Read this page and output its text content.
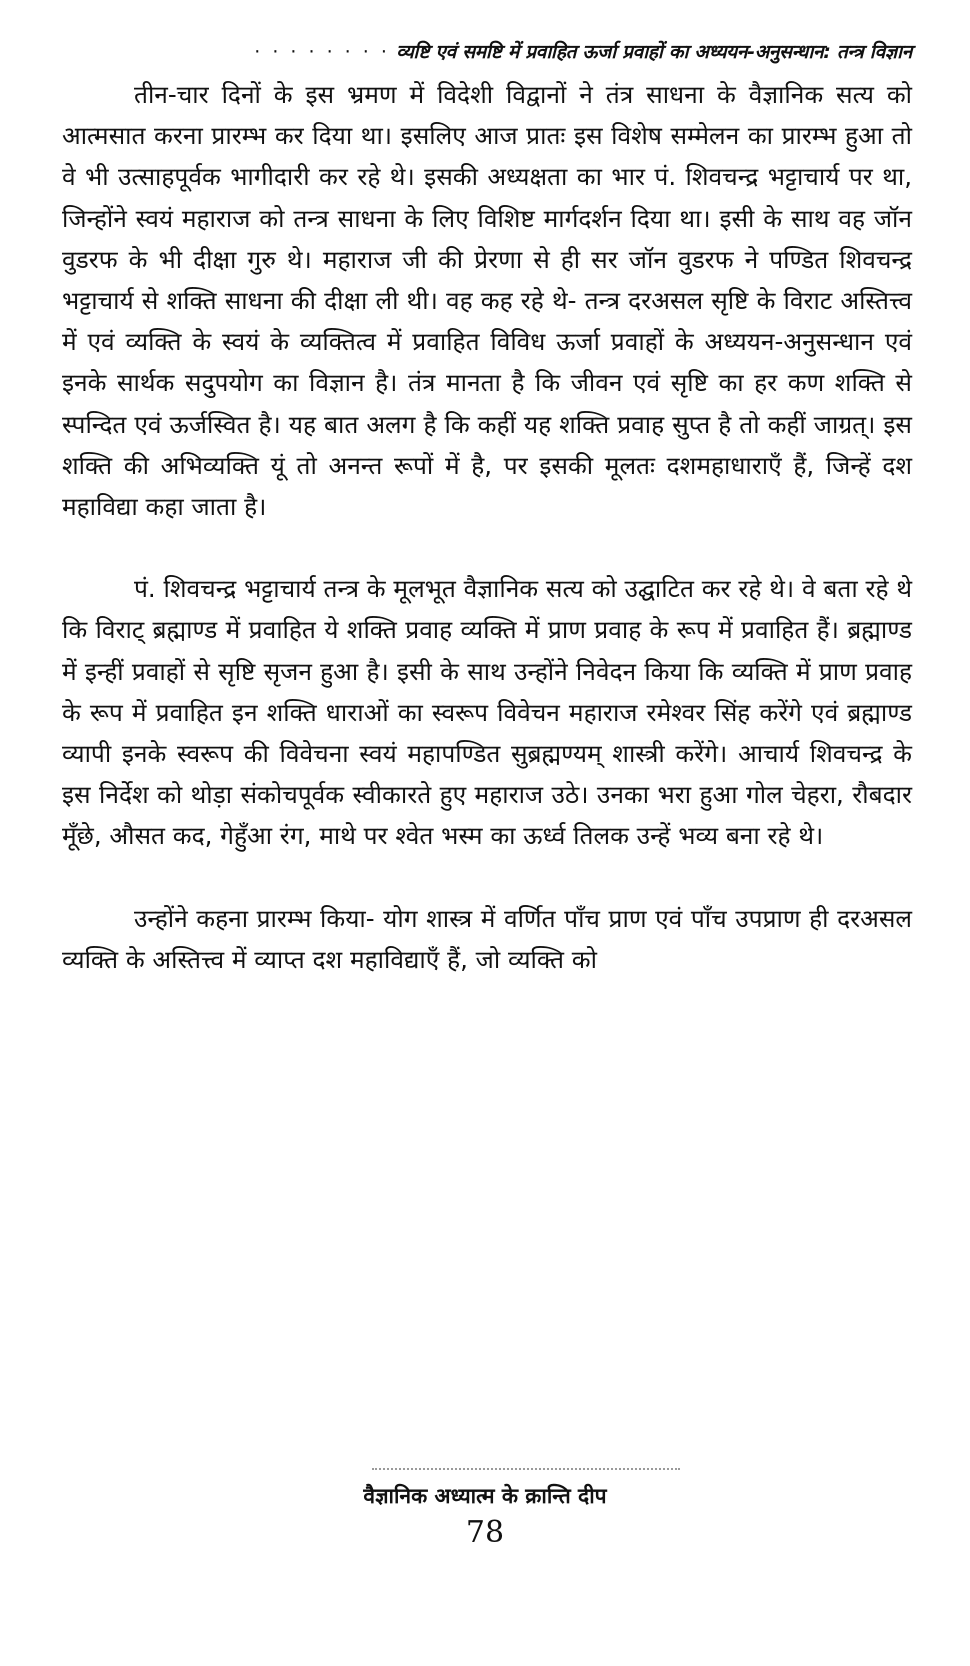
· · · · · · · · व्यष्टि एवं समष्टि में प्रवाहित ऊर्जा प्रवाहों का अध्ययन-अनुसन्धान: तन्त्र विज्ञान

तीन-चार दिनों के इस भ्रमण में विदेशी विद्वानों ने तंत्र साधना के वैज्ञानिक सत्य को आत्मसात करना प्रारम्भ कर दिया था। इसलिए आज प्रातः इस विशेष सम्मेलन का प्रारम्भ हुआ तो वे भी उत्साहपूर्वक भागीदारी कर रहे थे। इसकी अध्यक्षता का भार पं. शिवचन्द्र भट्टाचार्य पर था, जिन्होंने स्वयं महाराज को तन्त्र साधना के लिए विशिष्ट मार्गदर्शन दिया था। इसी के साथ वह जॉन वुडरफ के भी दीक्षा गुरु थे। महाराज जी की प्रेरणा से ही सर जॉन वुडरफ ने पण्डित शिवचन्द्र भट्टाचार्य से शक्ति साधना की दीक्षा ली थी। वह कह रहे थे- तन्त्र दरअसल सृष्टि के विराट अस्तित्त्व में एवं व्यक्ति के स्वयं के व्यक्तित्व में प्रवाहित विविध ऊर्जा प्रवाहों के अध्ययन-अनुसन्धान एवं इनके सार्थक सदुपयोग का विज्ञान है। तंत्र मानता है कि जीवन एवं सृष्टि का हर कण शक्ति से स्पन्दित एवं ऊर्जस्वित है। यह बात अलग है कि कहीं यह शक्ति प्रवाह सुप्त है तो कहीं जाग्रत्। इस शक्ति की अभिव्यक्ति यूं तो अनन्त रूपों में है, पर इसकी मूलतः दशमहाधाराएँ हैं, जिन्हें दश महाविद्या कहा जाता है।

पं. शिवचन्द्र भट्टाचार्य तन्त्र के मूलभूत वैज्ञानिक सत्य को उद्घाटित कर रहे थे। वे बता रहे थे कि विराट् ब्रह्माण्ड में प्रवाहित ये शक्ति प्रवाह व्यक्ति में प्राण प्रवाह के रूप में प्रवाहित हैं। ब्रह्माण्ड में इन्हीं प्रवाहों से सृष्टि सृजन हुआ है। इसी के साथ उन्होंने निवेदन किया कि व्यक्ति में प्राण प्रवाह के रूप में प्रवाहित इन शक्ति धाराओं का स्वरूप विवेचन महाराज रमेश्वर सिंह करेंगे एवं ब्रह्माण्ड व्यापी इनके स्वरूप की विवेचना स्वयं महापण्डित सुब्रह्मण्यम् शास्त्री करेंगे। आचार्य शिवचन्द्र के इस निर्देश को थोड़ा संकोचपूर्वक स्वीकारते हुए महाराज उठे। उनका भरा हुआ गोल चेहरा, रौबदार मूँछे, औसत कद, गेहुँआ रंग, माथे पर श्वेत भस्म का ऊर्ध्व तिलक उन्हें भव्य बना रहे थे।

उन्होंने कहना प्रारम्भ किया- योग शास्त्र में वर्णित पाँच प्राण एवं पाँच उपप्राण ही दरअसल व्यक्ति के अस्तित्त्व में व्याप्त दश महाविद्याएँ हैं, जो व्यक्ति को

वैज्ञानिक अध्यात्म के क्रान्ति दीप
78
